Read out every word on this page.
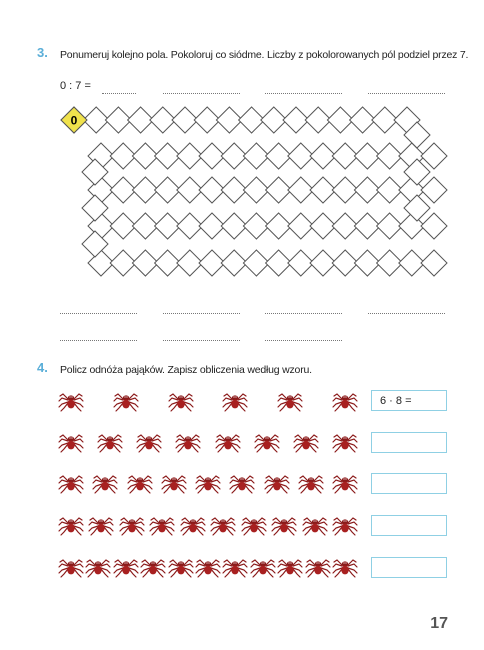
3. Ponumeruj kolejno pola. Pokoloruj co siódme. Liczby z pokolorowanych pól podziel przez 7.
0 : 7 =
0
4. Policz odnóża pająków. Zapisz obliczenia według wzoru.
6 · 8 =
17
